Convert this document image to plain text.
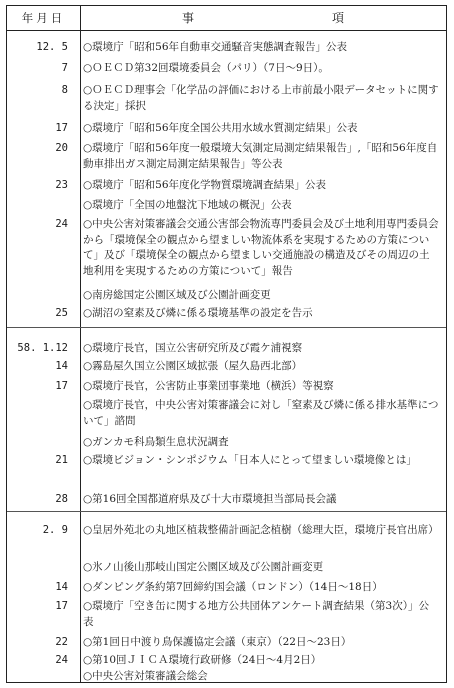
年月日	事	項
12. 5 ○環境庁「昭和56年自動車交通騒音実態調査報告」公表
7 ○ＯＥＣＤ第32回環境委員会（パリ）（7日～9日）。
8 ○ＯＥＣＤ理事会「化学品の評価における上市前最小限データセットに関する決定」採択
17 ○環境庁「昭和56年度全国公共用水域水質測定結果」公表
20 ○環境庁「昭和56年度一般環境大気測定局測定結果報告」,「昭和56年度自動車排出ガス測定局測定結果報告」等公表
23 ○環境庁「昭和56年度化学物質環境調査結果」公表
○環境庁「全国の地盤沈下地域の概況」公表
24 ○中央公害対策審議会交通公害部会物流専門委員会及び土地利用専門委員会から「環境保全の観点から望ましい物流体系を実現するための方策について」及び「環境保全の観点から望ましい交通施設の構造及びその周辺の土地利用を実現するための方策について」報告
○南房総国定公園区域及び公園計画変更
25 ○湖沼の窒素及び燐に係る環境基準の設定を告示
58. 1.12 ○環境庁長官，国立公害研究所及び霞ケ浦視察
14 ○霧島屋久国立公園区域拡張（屋久島西北部）
17 ○環境庁長官，公害防止事業団事業地（横浜）等視察
○環境庁長官，中央公害対策審議会に対し「窒素及び燐に係る排水基準について」諮問
○ガンカモ科鳥類生息状況調査
21 ○環境ビジョン・シンポジウム「日本人にとって望ましい環境像とは」
28 ○第16回全国都道府県及び十大市環境担当部局長会議
2. 9 ○皇居外苑北の丸地区植栽整備計画記念植樹（総理大臣，環境庁長官出席）
○氷ノ山後山那岐山国定公園区域及び公園計画変更
14 ○ダンピング条約第7回締約国会議（ロンドン）（14日～18日）
17 ○環境庁「空き缶に関する地方公共団体アンケート調査結果（第3次）」公表
22 ○第1回日中渡り鳥保護協定会議（東京）（22日～23日）
24 ○第10回ＪＩＣＡ環境行政研修（24日～4月2日）
○中央公害対策審議会総会
